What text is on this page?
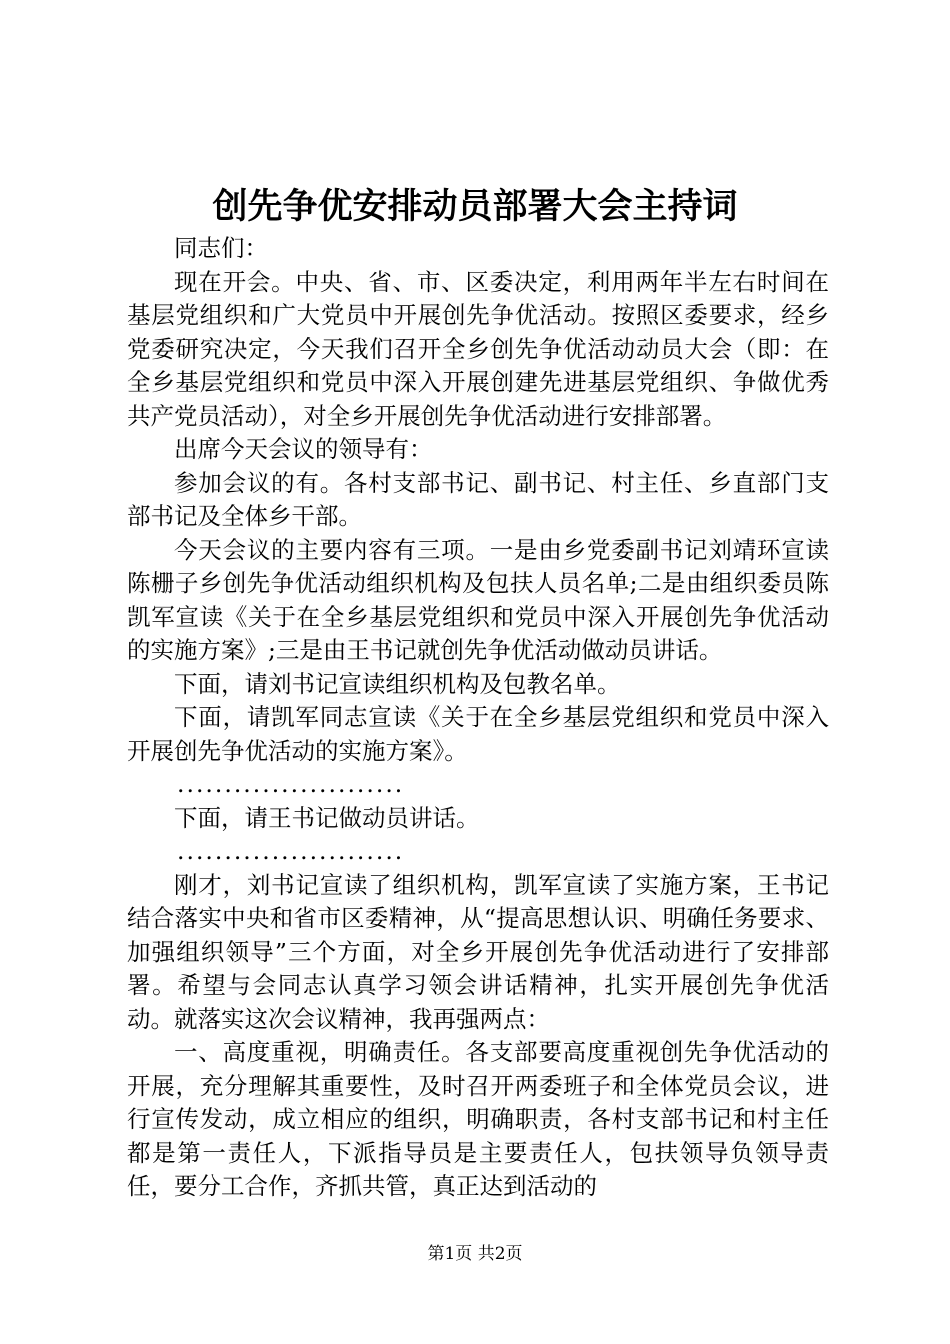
创先争优安排动员部署大会主持词

同志们：

现在开会。中央、省、市、区委决定，利用两年半左右时间在基层党组织和广大党员中开展创先争优活动。按照区委要求，经乡党委研究决定，今天我们召开全乡创先争优活动动员大会（即：在全乡基层党组织和党员中深入开展创建先进基层党组织、争做优秀共产党员活动），对全乡开展创先争优活动进行安排部署。

出席今天会议的领导有：

参加会议的有。各村支部书记、副书记、村主任、乡直部门支部书记及全体乡干部。

今天会议的主要内容有三项。一是由乡党委副书记刘靖环宣读陈栅子乡创先争优活动组织机构及包扶人员名单;二是由组织委员陈凯军宣读《关于在全乡基层党组织和党员中深入开展创先争优活动的实施方案》;三是由王书记就创先争优活动做动员讲话。

下面，请刘书记宣读组织机构及包教名单。

下面，请凯军同志宣读《关于在全乡基层党组织和党员中深入开展创先争优活动的实施方案》。

........................

下面，请王书记做动员讲话。

........................

刚才，刘书记宣读了组织机构，凯军宣读了实施方案，王书记结合落实中央和省市区委精神，从“提高思想认识、明确任务要求、加强组织领导”三个方面，对全乡开展创先争优活动进行了安排部署。希望与会同志认真学习领会讲话精神，扎实开展创先争优活动。就落实这次会议精神，我再强两点：

一、高度重视，明确责任。各支部要高度重视创先争优活动的开展，充分理解其重要性，及时召开两委班子和全体党员会议，进行宣传发动，成立相应的组织，明确职责，各村支部书记和村主任都是第一责任人，下派指导员是主要责任人，包扶领导负领导责任，要分工合作，齐抓共管，真正达到活动的

第1页 共2页
